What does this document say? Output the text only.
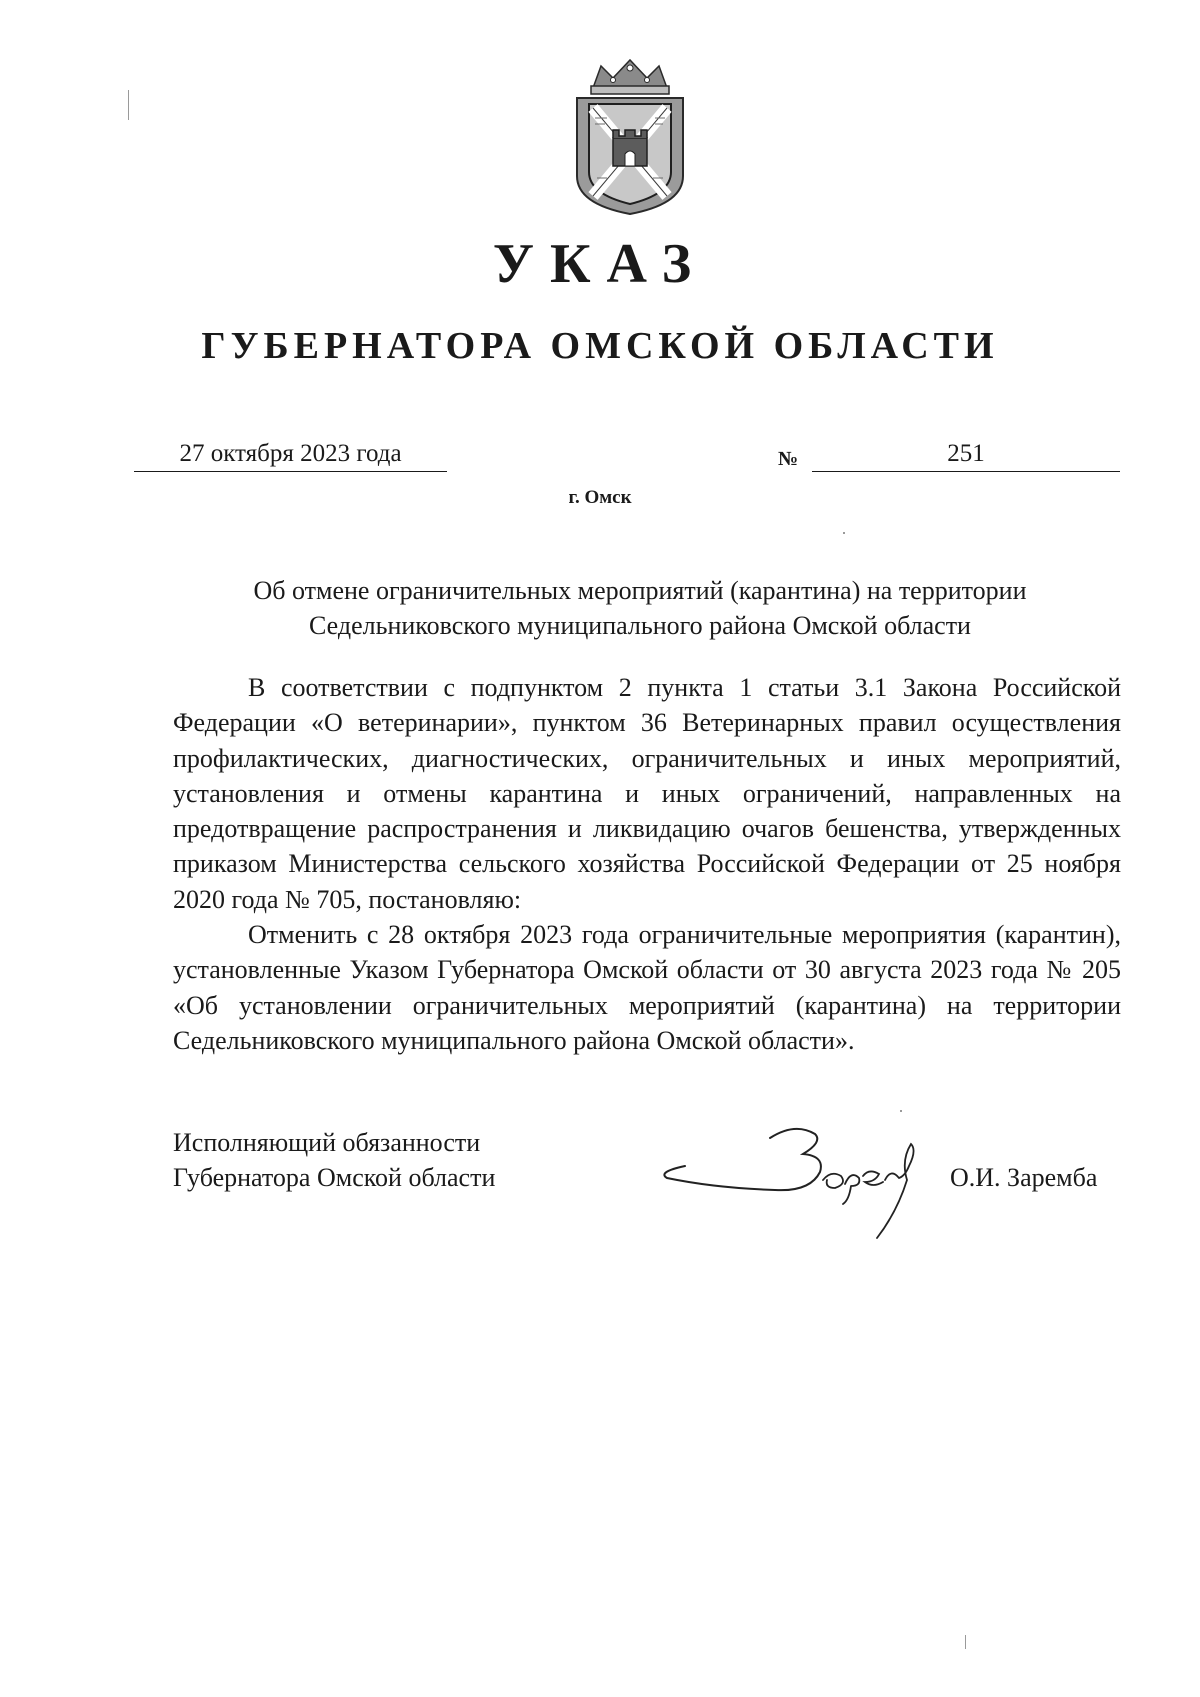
УКАЗ
ГУБЕРНАТОРА ОМСКОЙ ОБЛАСТИ
27 октября 2023 года	№	251
г. Омск
Об отмене ограничительных мероприятий (карантина) на территории
Седельниковского муниципального района Омской области

В соответствии с подпунктом 2 пункта 1 статьи 3.1 Закона Российской Федерации «О ветеринарии», пунктом 36 Ветеринарных правил осуществления профилактических, диагностических, ограничительных и иных мероприятий, установления и отмены карантина и иных ограничений, направленных на предотвращение распространения и ликвидацию очагов бешенства, утвержденных приказом Министерства сельского хозяйства Российской Федерации от 25 ноября 2020 года № 705, постановляю:

Отменить с 28 октября 2023 года ограничительные мероприятия (карантин), установленные Указом Губернатора Омской области от 30 августа 2023 года № 205 «Об установлении ограничительных мероприятий (карантина) на территории Седельниковского муниципального района Омской области».

Исполняющий обязанности
Губернатора Омской области	О.И. Заремба
